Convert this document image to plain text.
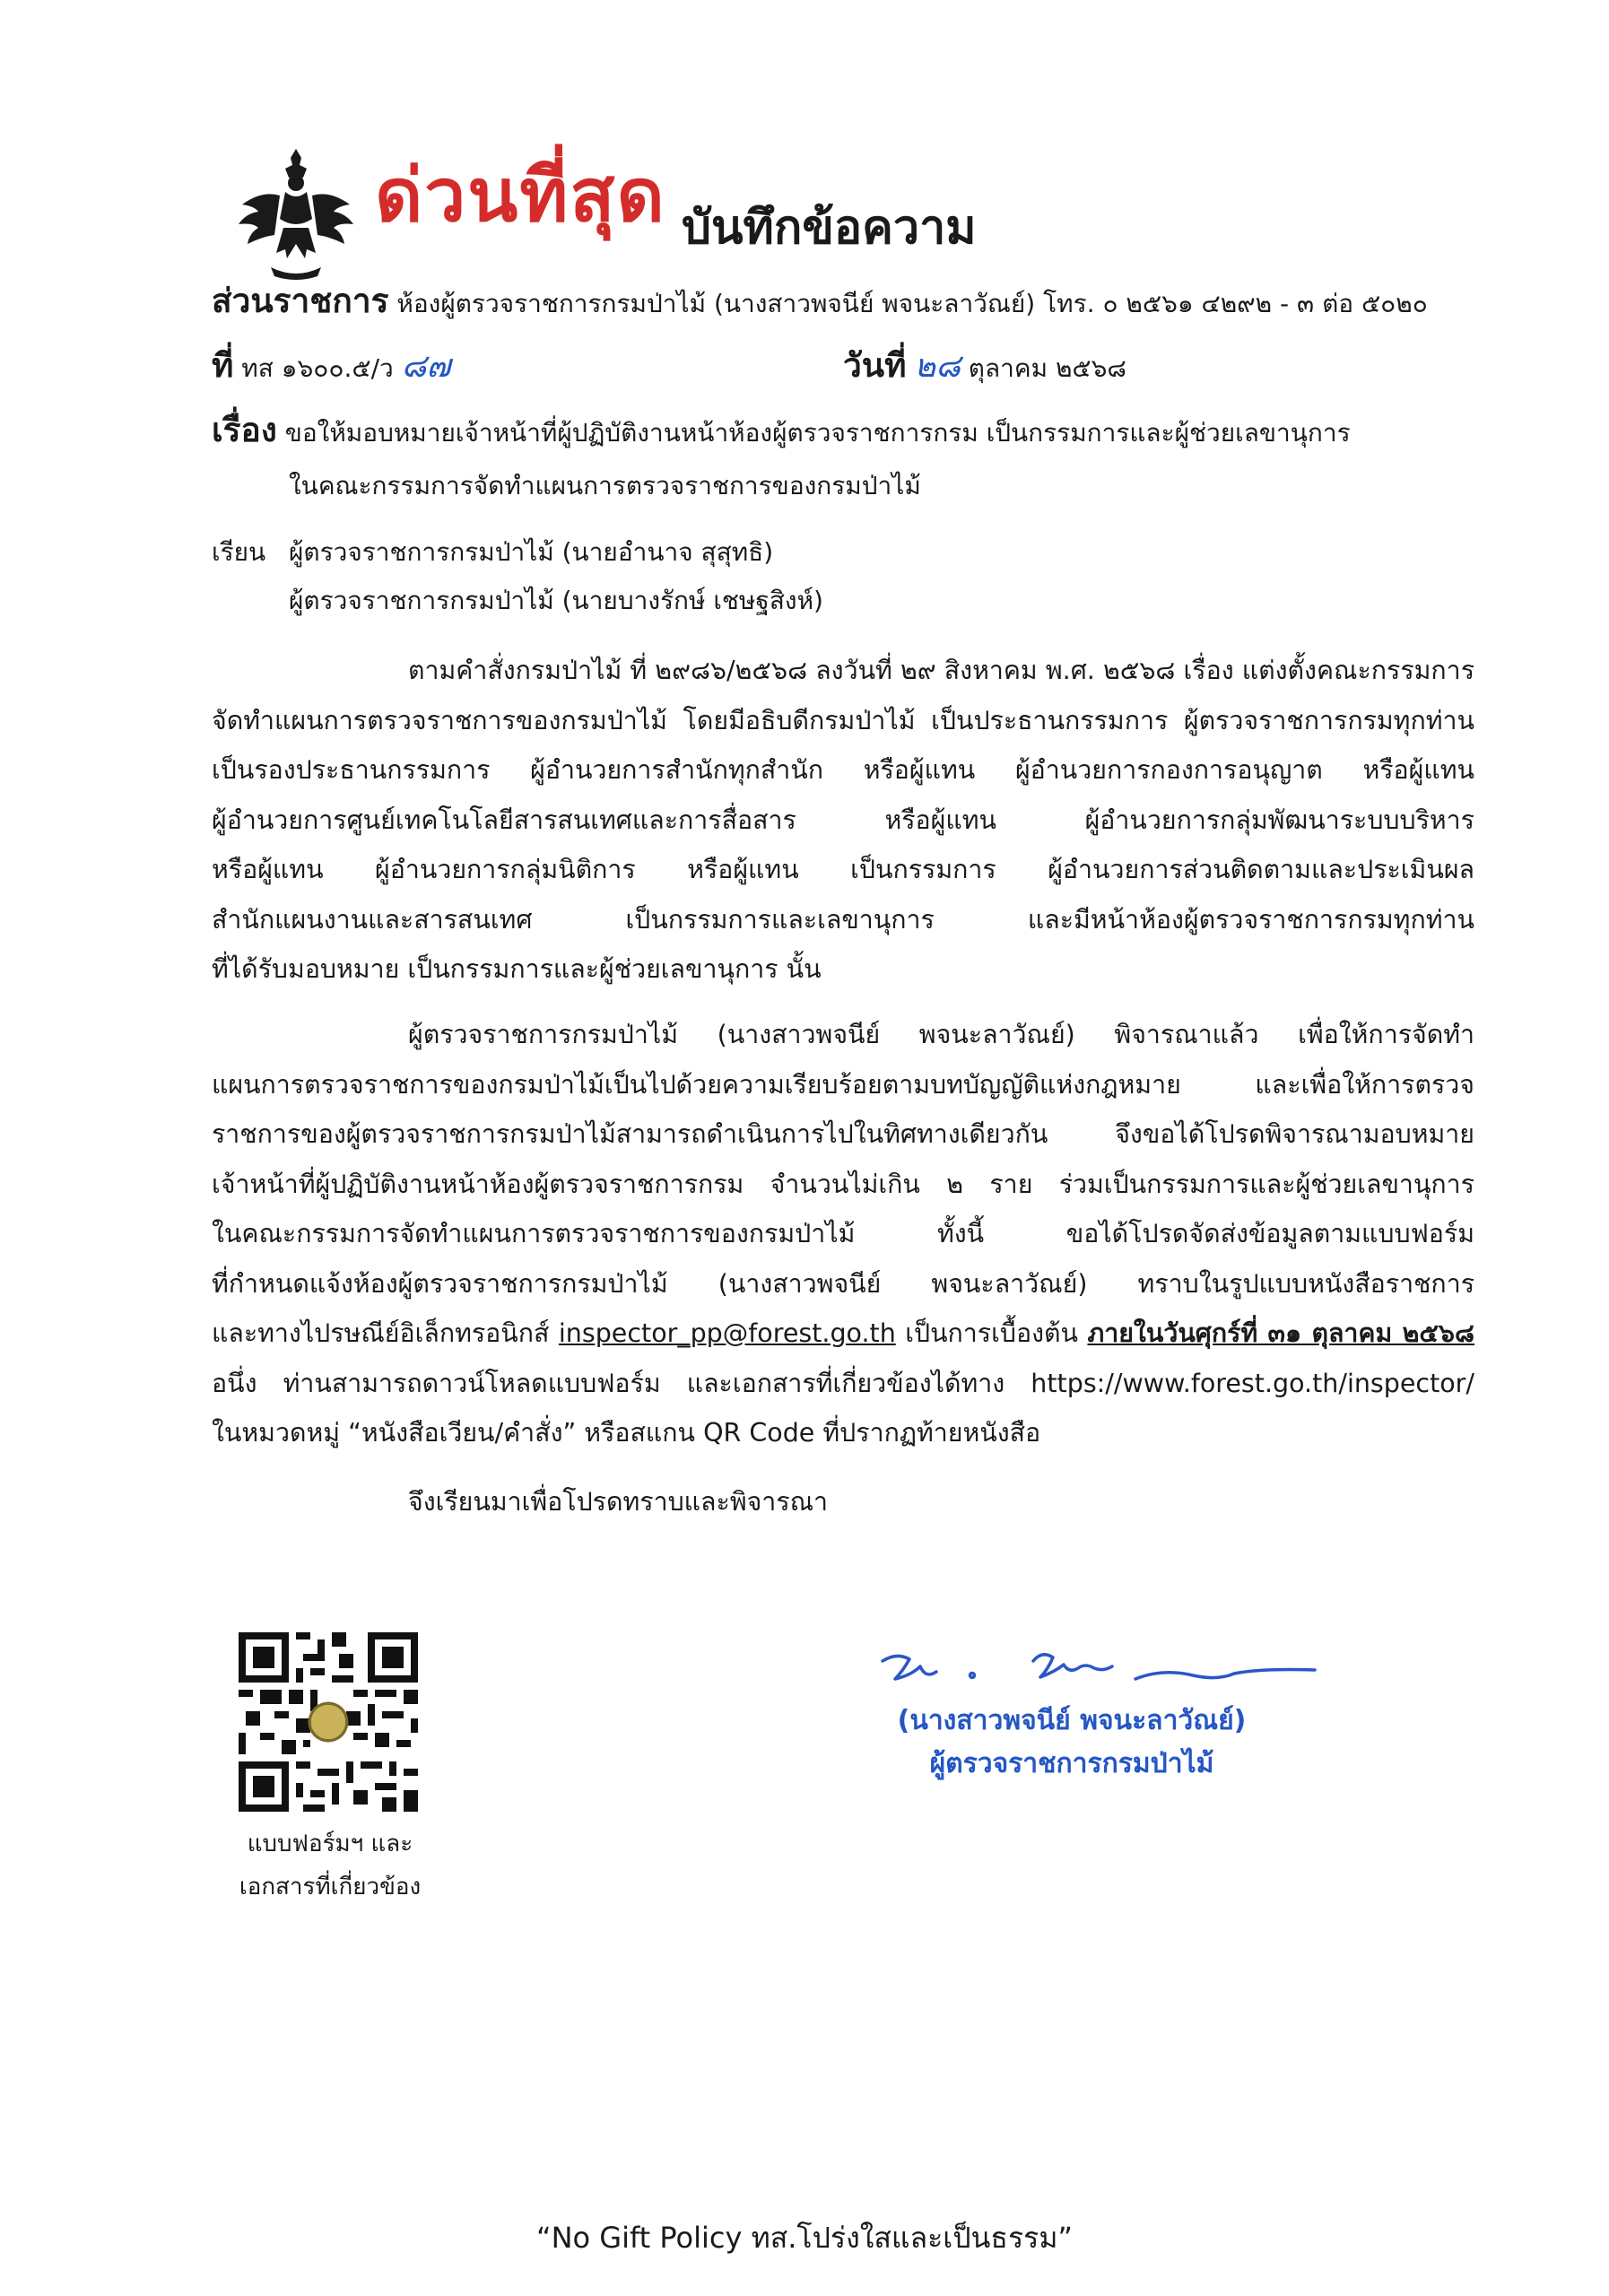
ด่วนที่สุด บันทึกข้อความ
ส่วนราชการ ห้องผู้ตรวจราชการกรมป่าไม้ (นางสาวพจนีย์ พจนะลาวัณย์) โทร. ๐ ๒๕๖๑ ๔๒๙๒ - ๓ ต่อ ๕๐๒๐
ที่ ทส ๑๖๐๐.๕/ว ๘๗	วันที่ ๒๘ ตุลาคม ๒๕๖๘
เรื่อง ขอให้มอบหมายเจ้าหน้าที่ผู้ปฏิบัติงานหน้าห้องผู้ตรวจราชการกรม เป็นกรรมการและผู้ช่วยเลขานุการ
ในคณะกรรมการจัดทำแผนการตรวจราชการของกรมป่าไม้
เรียน ผู้ตรวจราชการกรมป่าไม้ (นายอำนาจ สุสุทธิ)
ผู้ตรวจราชการกรมป่าไม้ (นายบางรักษ์ เชษฐสิงห์)
ตามคำสั่งกรมป่าไม้ ที่ ๒๙๘๖/๒๕๖๘ ลงวันที่ ๒๙ สิงหาคม พ.ศ. ๒๕๖๘ เรื่อง แต่งตั้งคณะกรรมการ
จัดทำแผนการตรวจราชการของกรมป่าไม้ โดยมีอธิบดีกรมป่าไม้ เป็นประธานกรรมการ ผู้ตรวจราชการกรมทุกท่าน
เป็นรองประธานกรรมการ ผู้อำนวยการสำนักทุกสำนัก หรือผู้แทน ผู้อำนวยการกองการอนุญาต หรือผู้แทน
ผู้อำนวยการศูนย์เทคโนโลยีสารสนเทศและการสื่อสาร หรือผู้แทน ผู้อำนวยการกลุ่มพัฒนาระบบบริหาร
หรือผู้แทน ผู้อำนวยการกลุ่มนิติการ หรือผู้แทน เป็นกรรมการ ผู้อำนวยการส่วนติดตามและประเมินผล
สำนักแผนงานและสารสนเทศ เป็นกรรมการและเลขานุการ และมีหน้าห้องผู้ตรวจราชการกรมทุกท่าน
ที่ได้รับมอบหมาย เป็นกรรมการและผู้ช่วยเลขานุการ นั้น
ผู้ตรวจราชการกรมป่าไม้ (นางสาวพจนีย์ พจนะลาวัณย์) พิจารณาแล้ว เพื่อให้การจัดทำ
แผนการตรวจราชการของกรมป่าไม้เป็นไปด้วยความเรียบร้อยตามบทบัญญัติแห่งกฎหมาย และเพื่อให้การตรวจ
ราชการของผู้ตรวจราชการกรมป่าไม้สามารถดำเนินการไปในทิศทางเดียวกัน จึงขอได้โปรดพิจารณามอบหมาย
เจ้าหน้าที่ผู้ปฏิบัติงานหน้าห้องผู้ตรวจราชการกรม จำนวนไม่เกิน ๒ ราย ร่วมเป็นกรรมการและผู้ช่วยเลขานุการ
ในคณะกรรมการจัดทำแผนการตรวจราชการของกรมป่าไม้ ทั้งนี้ ขอได้โปรดจัดส่งข้อมูลตามแบบฟอร์ม
ที่กำหนดแจ้งห้องผู้ตรวจราชการกรมป่าไม้ (นางสาวพจนีย์ พจนะลาวัณย์) ทราบในรูปแบบหนังสือราชการ
และทางไปรษณีย์อิเล็กทรอนิกส์ inspector_pp@forest.go.th เป็นการเบื้องต้น ภายในวันศุกร์ที่ ๓๑ ตุลาคม ๒๕๖๘
อนึ่ง ท่านสามารถดาวน์โหลดแบบฟอร์ม และเอกสารที่เกี่ยวข้องได้ทาง https://www.forest.go.th/inspector/
ในหมวดหมู่ “หนังสือเวียน/คำสั่ง” หรือสแกน QR Code ที่ปรากฏท้ายหนังสือ
จึงเรียนมาเพื่อโปรดทราบและพิจารณา
แบบฟอร์มฯ และ
เอกสารที่เกี่ยวข้อง
(นางสาวพจนีย์ พจนะลาวัณย์)
ผู้ตรวจราชการกรมป่าไม้
“No Gift Policy ทส.โปร่งใสและเป็นธรรม”
